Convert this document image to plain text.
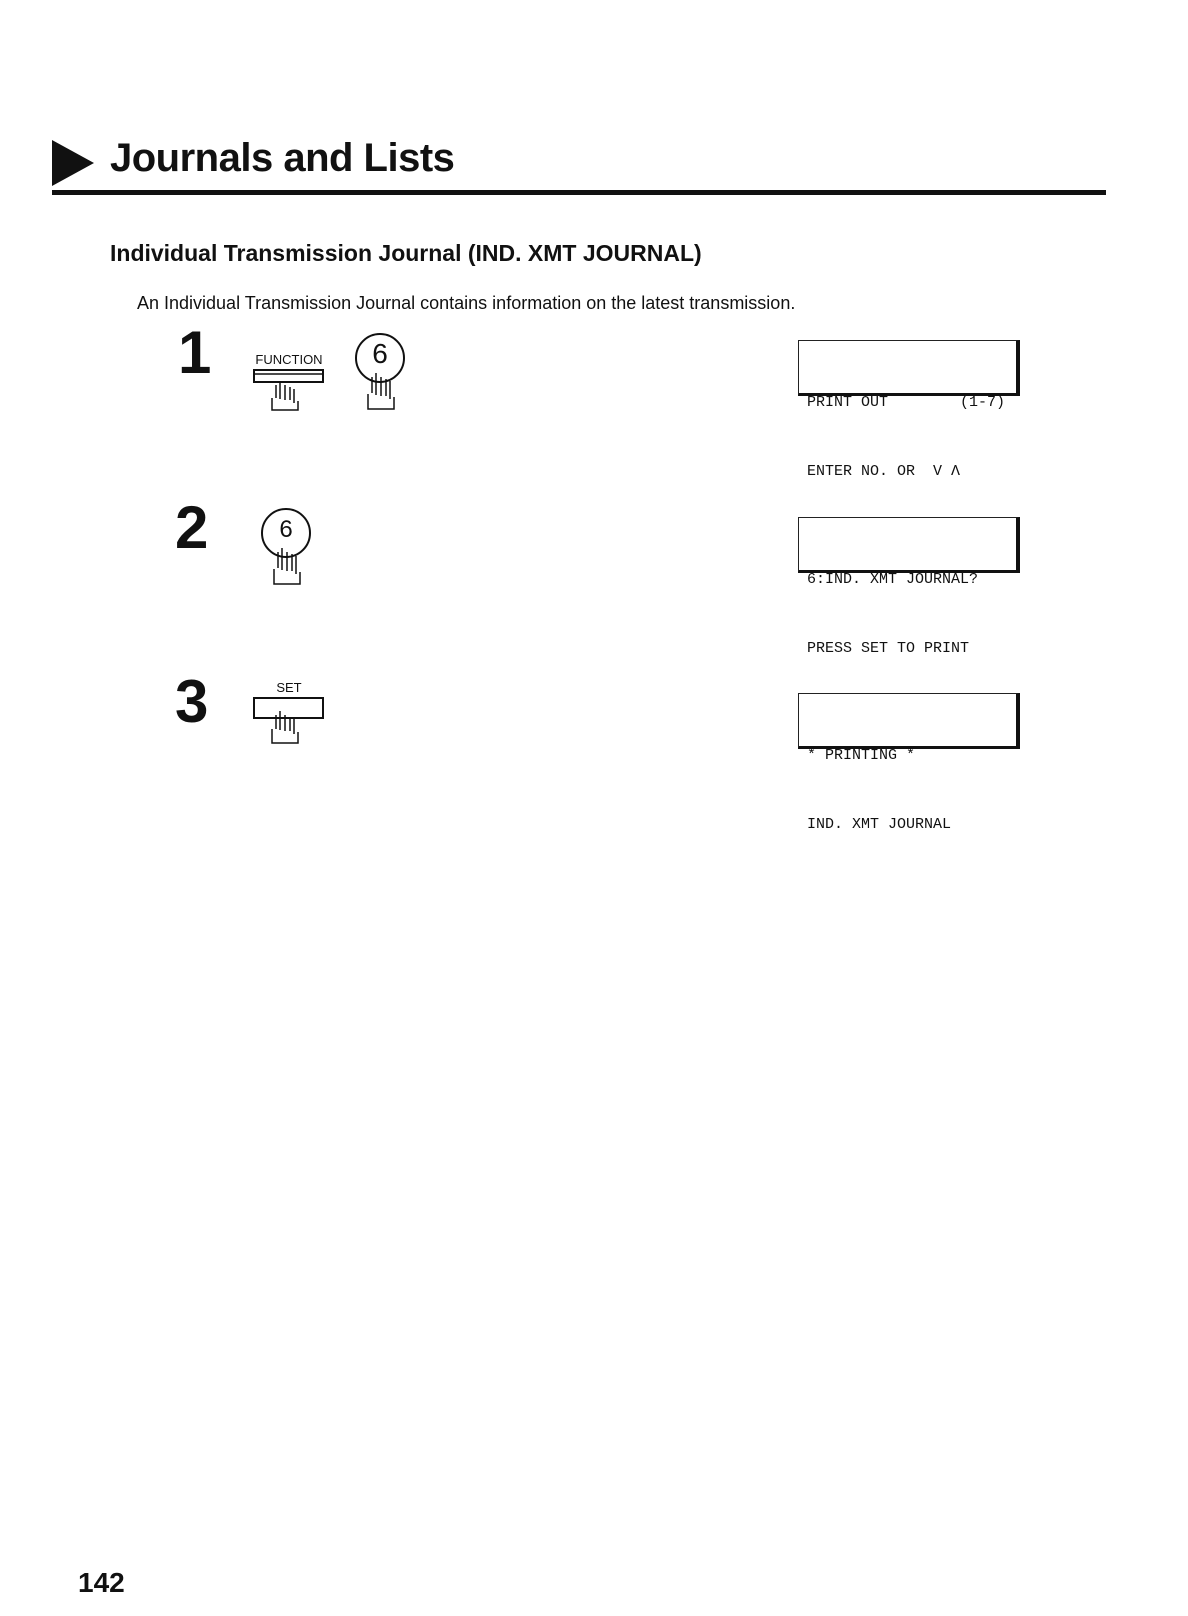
Journals and Lists
Individual Transmission Journal (IND. XMT JOURNAL)

An Individual Transmission Journal contains information on the latest transmission.

1	FUNCTION	6

PRINT OUT        (1-7)

ENTER NO. OR  V Λ

2	6

6:IND. XMT JOURNAL?

PRESS SET TO PRINT

3	SET

* PRINTING *

IND. XMT JOURNAL

142
